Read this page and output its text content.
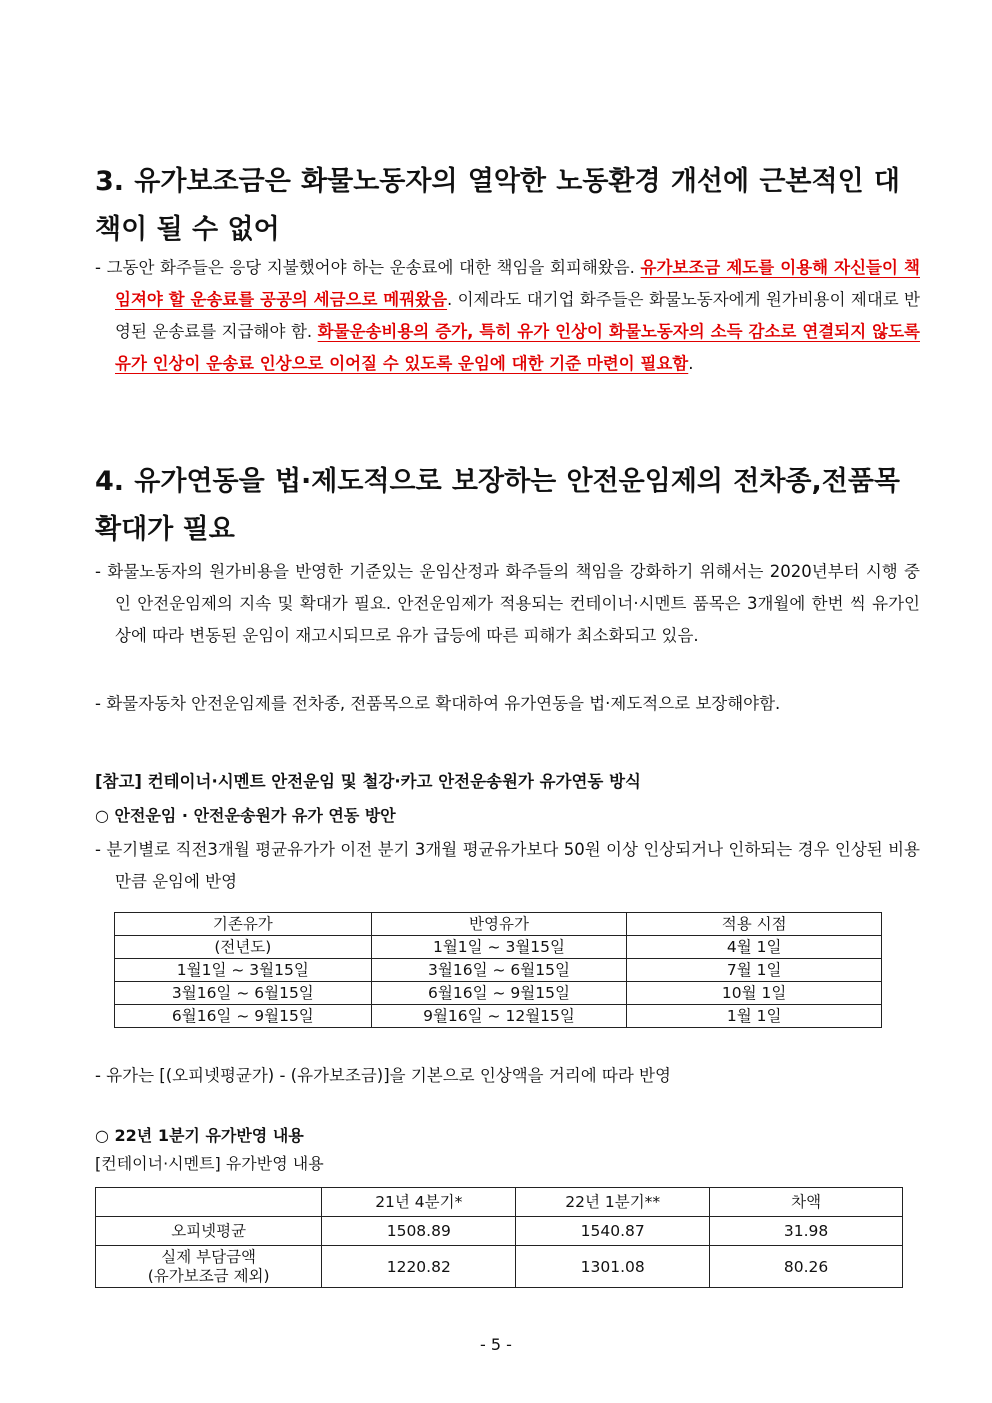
3. 유가보조금은 화물노동자의 열악한 노동환경 개선에 근본적인 대책이 될 수 없어
- 그동안 화주들은 응당 지불했어야 하는 운송료에 대한 책임을 회피해왔음. 유가보조금 제도를 이용해 자신들이 책임져야 할 운송료를 공공의 세금으로 메꿔왔음. 이제라도 대기업 화주들은 화물노동자에게 원가비용이 제대로 반영된 운송료를 지급해야 함. 화물운송비용의 증가, 특히 유가 인상이 화물노동자의 소득 감소로 연결되지 않도록 유가 인상이 운송료 인상으로 이어질 수 있도록 운임에 대한 기준 마련이 필요함.
4. 유가연동을 법·제도적으로 보장하는 안전운임제의 전차종,전품목 확대가 필요
- 화물노동자의 원가비용을 반영한 기준있는 운임산정과 화주들의 책임을 강화하기 위해서는 2020년부터 시행 중인 안전운임제의 지속 및 확대가 필요. 안전운임제가 적용되는 컨테이너·시멘트 품목은 3개월에 한번 씩 유가인상에 따라 변동된 운임이 재고시되므로 유가 급등에 따른 피해가 최소화되고 있음.
- 화물자동차 안전운임제를 전차종, 전품목으로 확대하여 유가연동을 법·제도적으로 보장해야함.
[참고] 컨테이너·시멘트 안전운임 및 철강·카고 안전운송원가 유가연동 방식
○ 안전운임 · 안전운송원가 유가 연동 방안
- 분기별로 직전3개월 평균유가가 이전 분기 3개월 평균유가보다 50원 이상 인상되거나 인하되는 경우 인상된 비용만큼 운임에 반영
기존유가	반영유가	적용 시점
(전년도)	1월1일 ~ 3월15일	4월 1일
1월1일 ~ 3월15일	3월16일 ~ 6월15일	7월 1일
3월16일 ~ 6월15일	6월16일 ~ 9월15일	10월 1일
6월16일 ~ 9월15일	9월16일 ~ 12월15일	1월 1일
- 유가는 [(오피넷평균가) - (유가보조금)]을 기본으로 인상액을 거리에 따라 반영
○ 22년 1분기 유가반영 내용
[컨테이너·시멘트] 유가반영 내용
	21년 4분기*	22년 1분기**	차액
오피넷평균	1508.89	1540.87	31.98

실제 부담금액
(유가보조금 제외)	1220.82	1301.08	80.26
- 5 -
